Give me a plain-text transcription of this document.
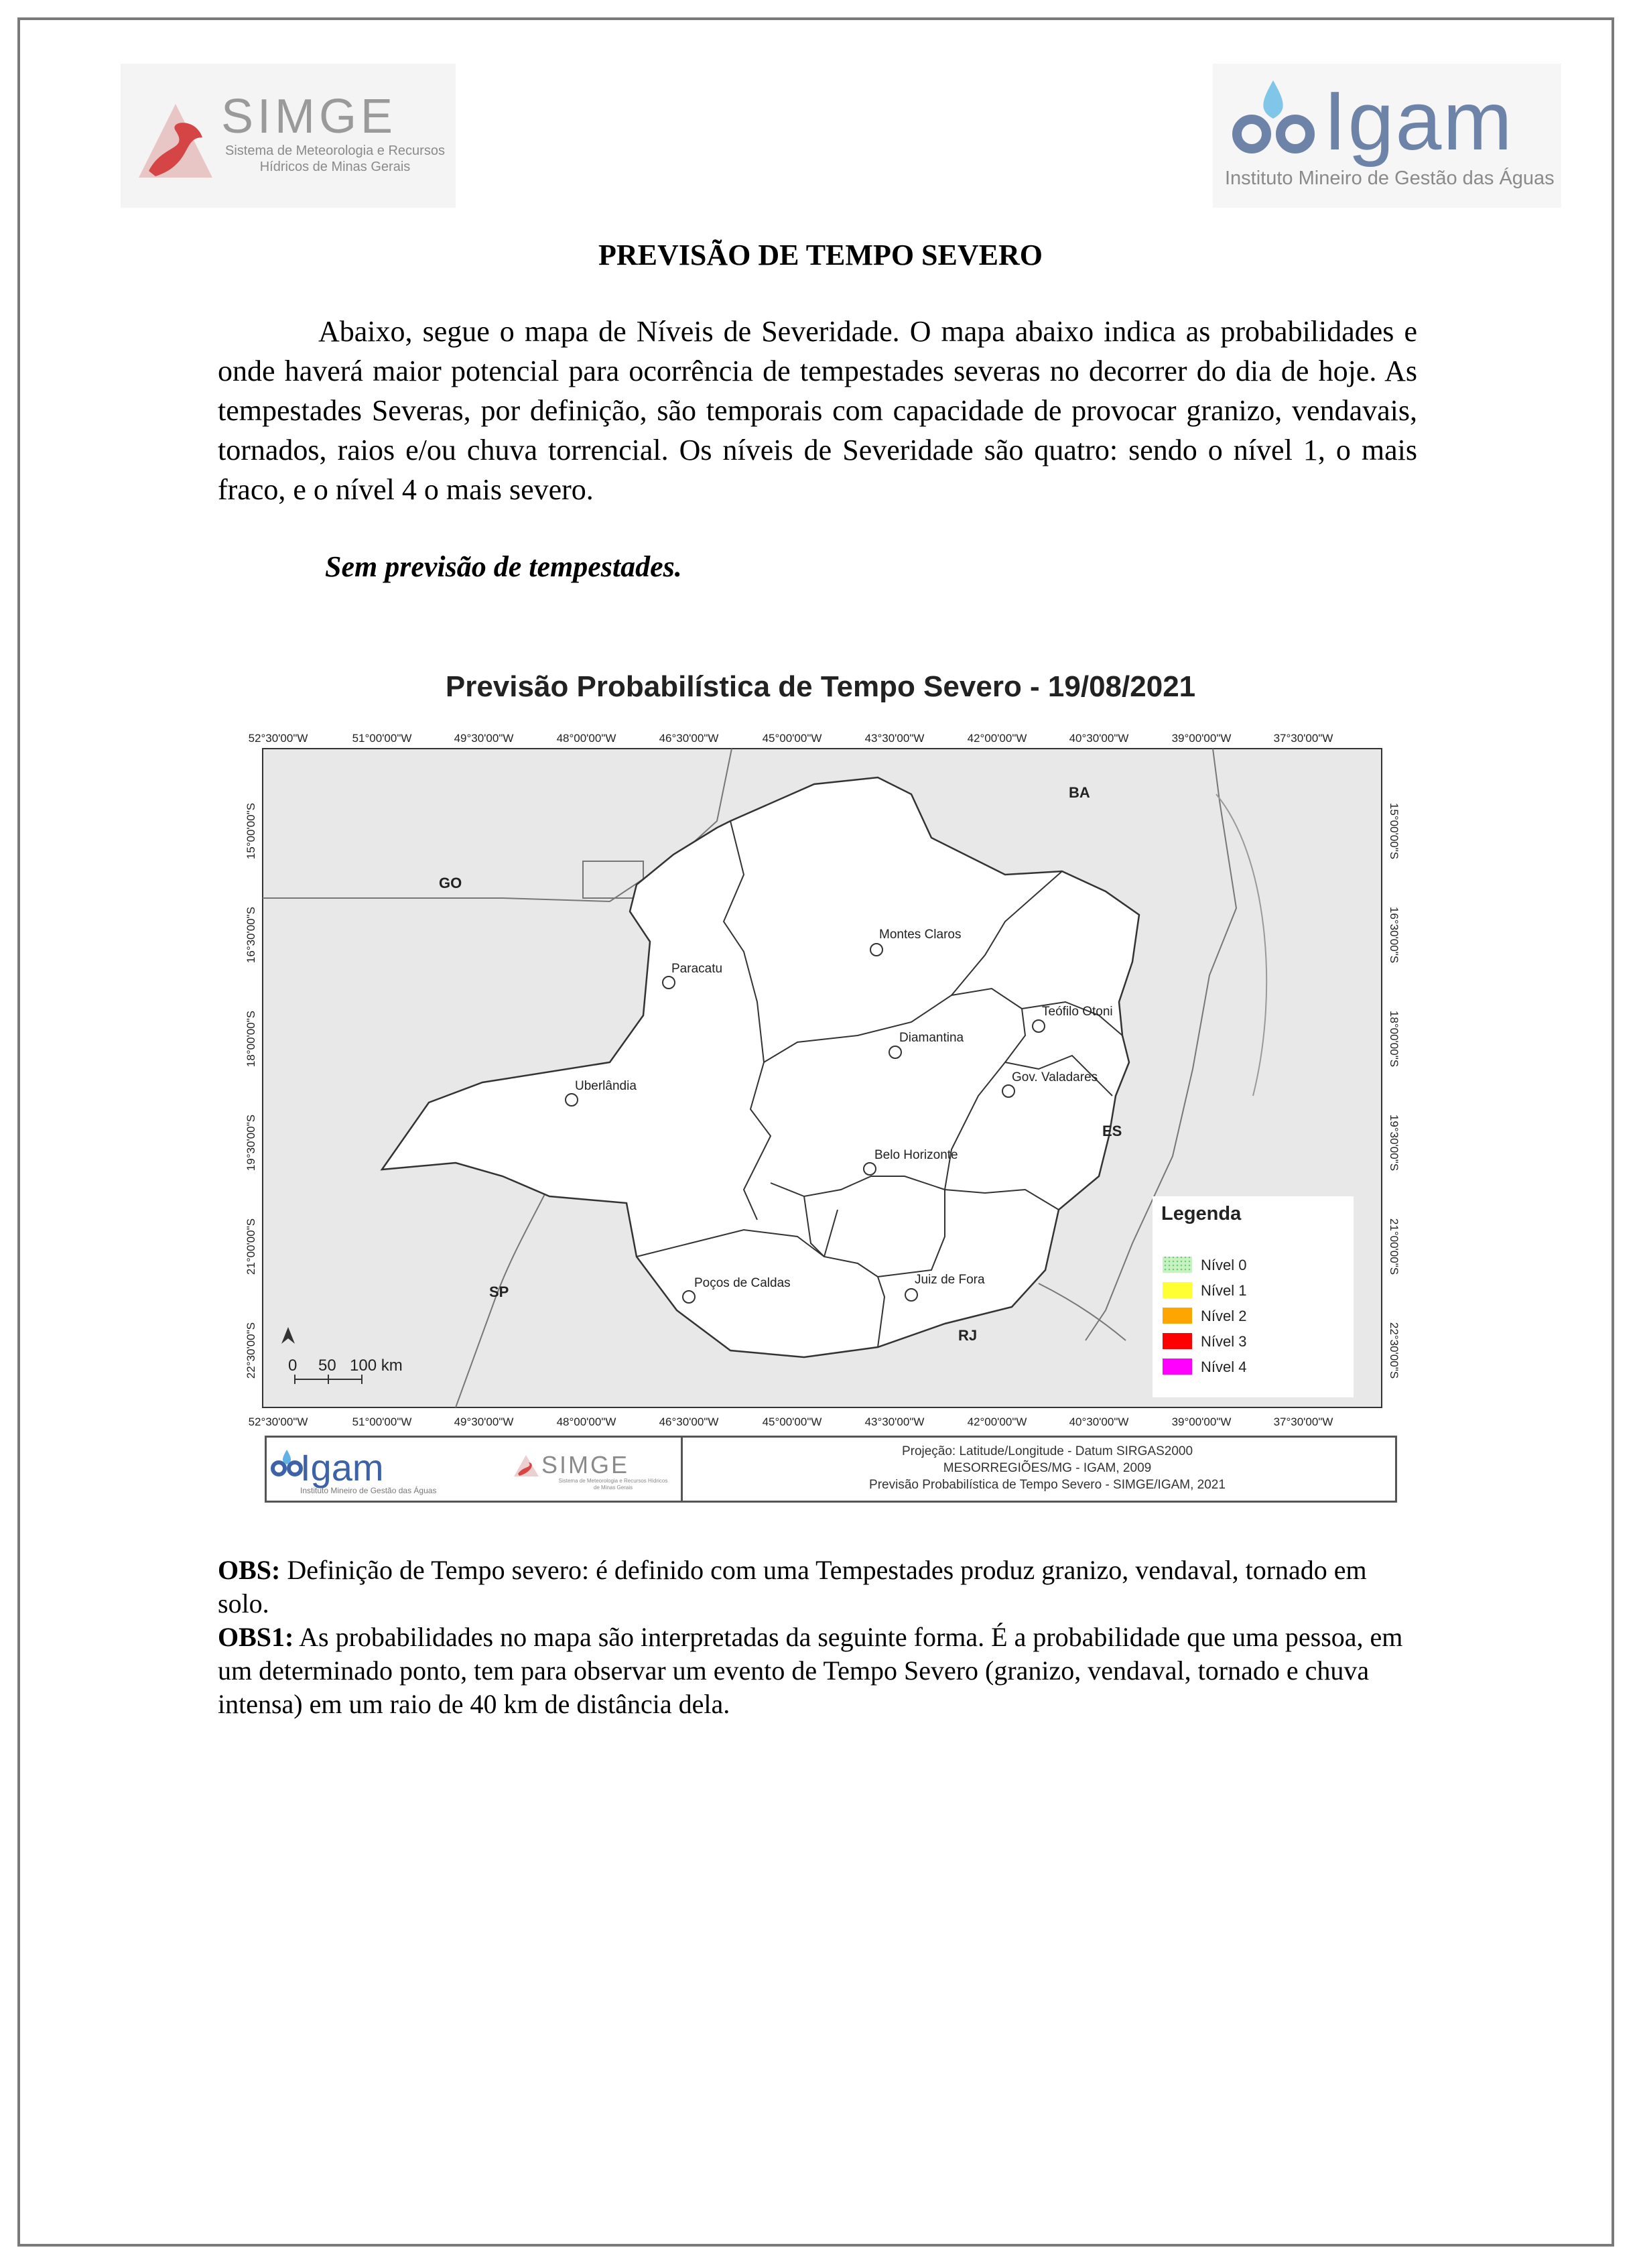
SIMGE
Sistema de Meteorologia e Recursos Hídricos de Minas Gerais	Igam
Instituto Mineiro de Gestão das Águas
PREVISÃO DE TEMPO SEVERO

Abaixo, segue o mapa de Níveis de Severidade. O mapa abaixo indica as probabilidades e onde haverá maior potencial para ocorrência de tempestades severas no decorrer do dia de hoje. As tempestades Severas, por definição, são temporais com capacidade de provocar granizo, vendavais, tornados, raios e/ou chuva torrencial. Os níveis de Severidade são quatro: sendo o nível 1, o mais fraco, e o nível 4 o mais severo.

Sem previsão de tempestades.
Previsão Probabilística de Tempo Severo - 19/08/2021
52°30'00"W	51°00'00"W	49°30'00"W	48°00'00"W	46°30'00"W	45°00'00"W	43°30'00"W	42°00'00"W	40°30'00"W	39°00'00"W	37°30'00"W
52°30'00"W	51°00'00"W	49°30'00"W	48°00'00"W	46°30'00"W	45°00'00"W	43°30'00"W	42°00'00"W	40°30'00"W	39°00'00"W	37°30'00"W
15°00'00"S
16°30'00"S
18°00'00"S
19°30'00"S
21°00'00"S
22°30'00"S
15°00'00"S
16°30'00"S
18°00'00"S
19°30'00"S
21°00'00"S
22°30'00"S
BA
GO
ES
SP
RJ
Montes Claros
Paracatu
Teófilo Otoni
Diamantina
Gov. Valadares
Uberlândia
Belo Horizonte
Poços de Caldas	Juiz de Fora
Legenda
Nível 0
Nível 1
Nível 2
Nível 3
Nível 4
0 50 100 km
Igam
Instituto Mineiro de Gestão das Águas
SIMGE
Sistema de Meteorologia e Recursos Hídricos de Minas Gerais
Projeção: Latitude/Longitude - Datum SIRGAS2000
MESORREGIÕES/MG - IGAM, 2009
Previsão Probabilística de Tempo Severo - SIMGE/IGAM, 2021

OBS: Definição de Tempo severo: é definido com uma Tempestades produz granizo, vendaval, tornado em solo.
OBS1: As probabilidades no mapa são interpretadas da seguinte forma. É a probabilidade que uma pessoa, em um determinado ponto, tem para observar um evento de Tempo Severo (granizo, vendaval, tornado e chuva intensa) em um raio de 40 km de distância dela.
